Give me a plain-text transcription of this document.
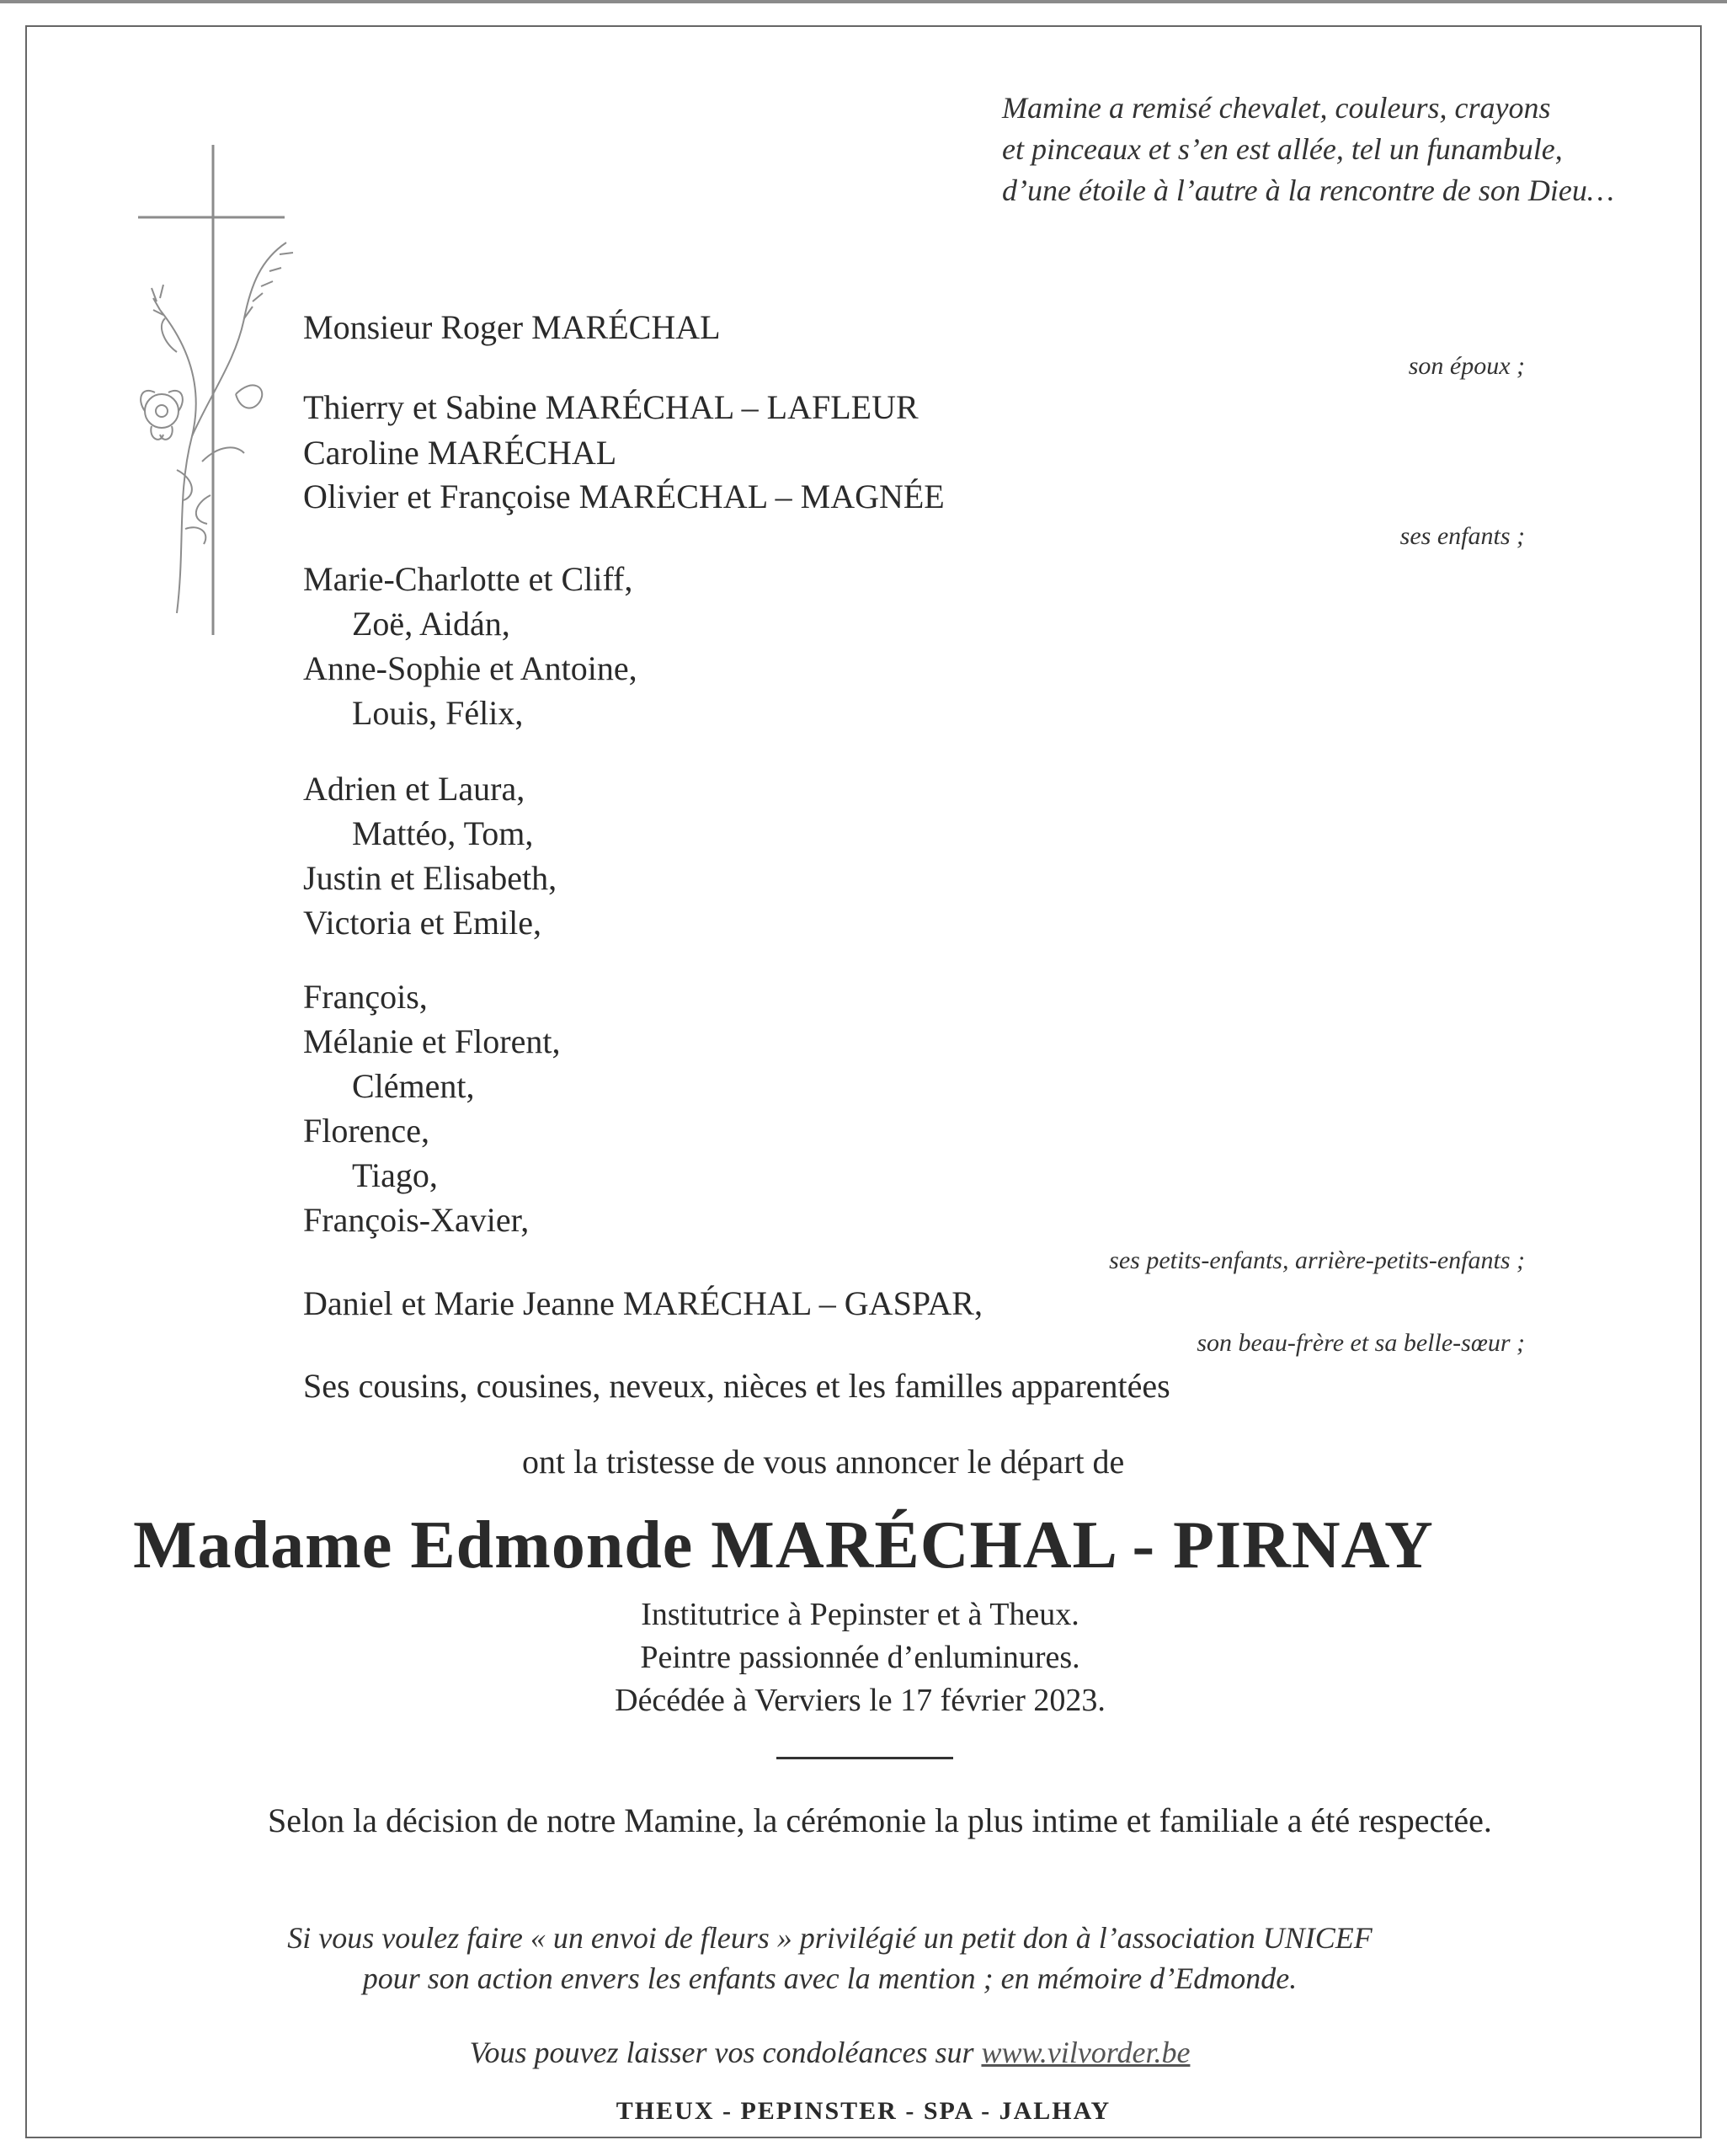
Mamine a remisé chevalet, couleurs, crayons
et pinceaux et s’en est allée, tel un funambule,
d’une étoile à l’autre à la rencontre de son Dieu…
Monsieur Roger MARÉCHAL
son époux ;
Thierry et Sabine MARÉCHAL – LAFLEUR
Caroline MARÉCHAL
Olivier et Françoise MARÉCHAL – MAGNÉE
ses enfants ;
Marie-Charlotte et Cliff,
Zoë, Aidán,
Anne-Sophie et Antoine,
Louis, Félix,
Adrien et Laura,
Mattéo, Tom,
Justin et Elisabeth,
Victoria et Emile,
François,
Mélanie et Florent,
Clément,
Florence,
Tiago,
François-Xavier,
ses petits-enfants, arrière-petits-enfants ;
Daniel et Marie Jeanne MARÉCHAL – GASPAR,
son beau-frère et sa belle-sœur ;
Ses cousins, cousines, neveux, nièces et les familles apparentées
ont la tristesse de vous annoncer le départ de
Madame Edmonde MARÉCHAL - PIRNAY
Institutrice à Pepinster et à Theux.
Peintre passionnée d’enluminures.
Décédée à Verviers le 17 février 2023.
Selon la décision de notre Mamine, la cérémonie la plus intime et familiale a été respectée.
Si vous voulez faire « un envoi de fleurs » privilégié un petit don à l’association UNICEF
pour son action envers les enfants avec la mention ; en mémoire d’Edmonde.
Vous pouvez laisser vos condoléances sur www.vilvorder.be
THEUX - PEPINSTER - SPA - JALHAY
